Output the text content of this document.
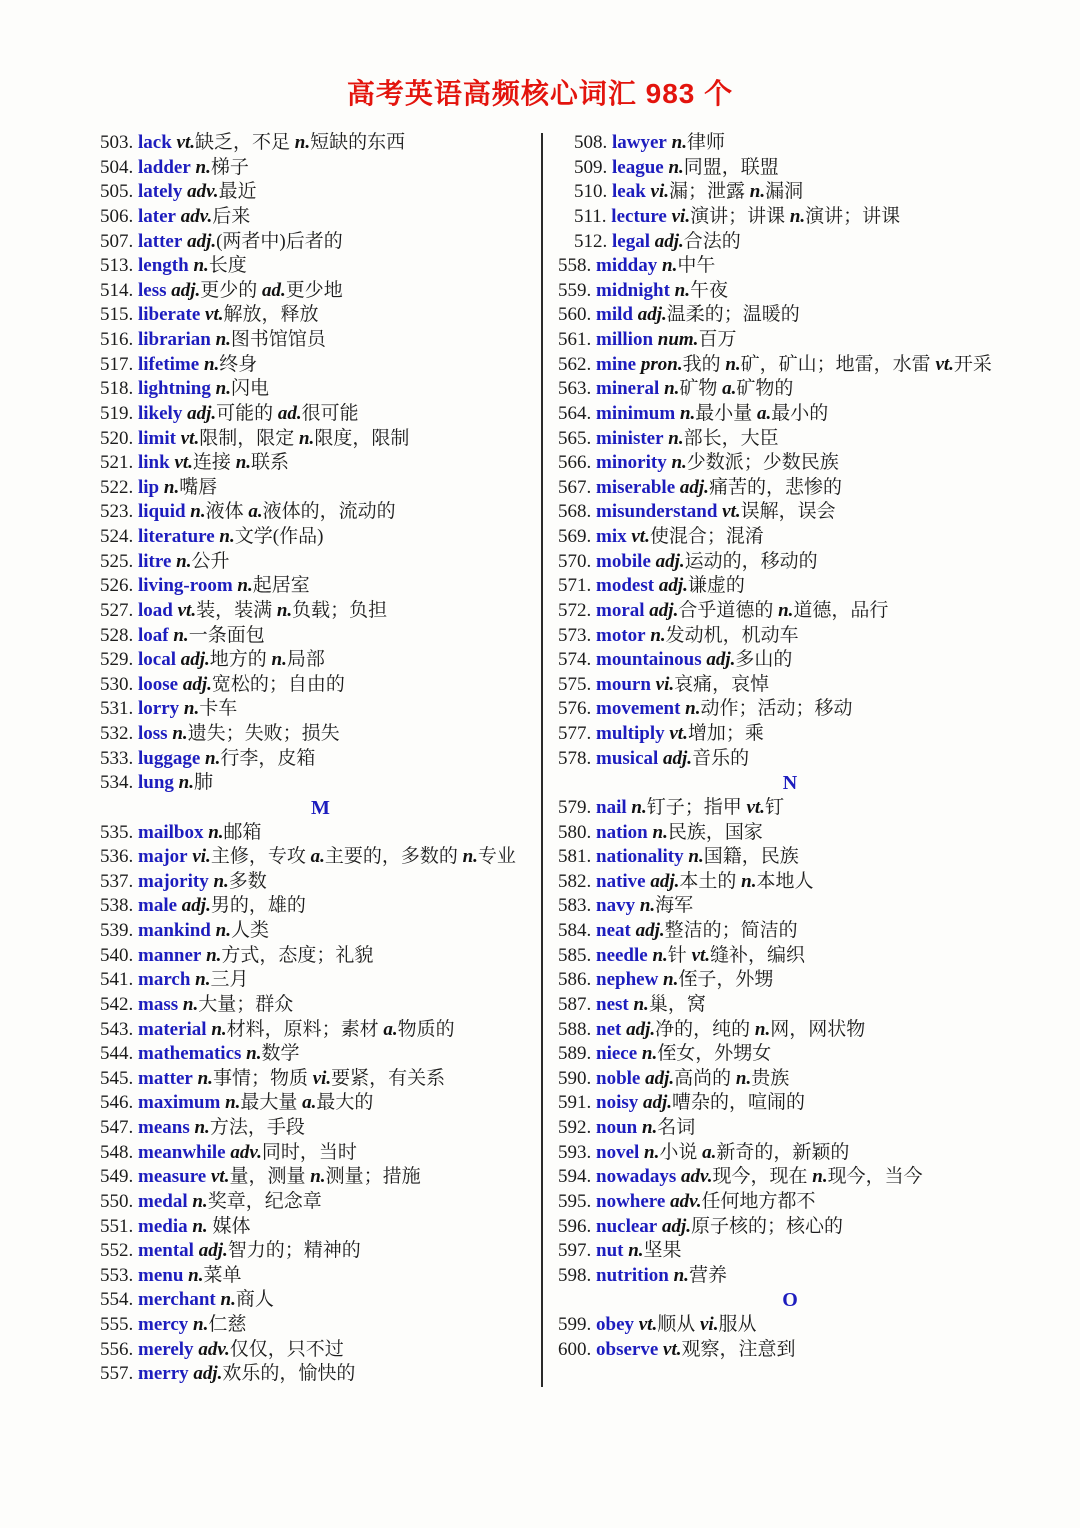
高考英语高频核心词汇 983 个
503. lack vt.缺乏，不足 n.短缺的东西
504. ladder n.梯子
505. lately adv.最近
506. later adv.后来
507. latter adj.(两者中)后者的
513. length n.长度
514. less adj.更少的 ad.更少地
515. liberate vt.解放，释放
516. librarian n.图书馆馆员
517. lifetime n.终身
518. lightning n.闪电
519. likely adj.可能的 ad.很可能
520. limit vt.限制，限定 n.限度，限制
521. link vt.连接 n.联系
522. lip n.嘴唇
523. liquid n.液体 a.液体的，流动的
524. literature n.文学(作品)
525. litre n.公升
526. living-room n.起居室
527. load vt.装，装满 n.负载；负担
528. loaf n.一条面包
529. local adj.地方的 n.局部
530. loose adj.宽松的；自由的
531. lorry n.卡车
532. loss n.遗失；失败；损失
533. luggage n.行李，皮箱
534. lung n.肺
M
535. mailbox n.邮箱
536. major vi.主修，专攻 a.主要的，多数的 n.专业
537. majority n.多数
538. male adj.男的，雄的
539. mankind n.人类
540. manner n.方式，态度；礼貌
541. march n.三月
542. mass n.大量；群众
543. material n.材料，原料；素材 a.物质的
544. mathematics n.数学
545. matter n.事情；物质 vi.要紧，有关系
546. maximum n.最大量 a.最大的
547. means n.方法，手段
548. meanwhile adv.同时，当时
549. measure vt.量，测量 n.测量；措施
550. medal n.奖章，纪念章
551. media n. 媒体
552. mental adj.智力的；精神的
553. menu n.菜单
554. merchant n.商人
555. mercy n.仁慈
556. merely adv.仅仅，只不过
557. merry adj.欢乐的，愉快的
508. lawyer n.律师
509. league n.同盟，联盟
510. leak vi.漏；泄露 n.漏洞
511. lecture vi.演讲；讲课 n.演讲；讲课
512. legal adj.合法的
558. midday n.中午
559. midnight n.午夜
560. mild adj.温柔的；温暖的
561. million num.百万
562. mine pron.我的 n.矿，矿山；地雷，水雷 vt.开采
563. mineral n.矿物 a.矿物的
564. minimum n.最小量 a.最小的
565. minister n.部长，大臣
566. minority n.少数派；少数民族
567. miserable adj.痛苦的，悲惨的
568. misunderstand vt.误解，误会
569. mix vt.使混合；混淆
570. mobile adj.运动的，移动的
571. modest adj.谦虚的
572. moral adj.合乎道德的 n.道德，品行
573. motor n.发动机，机动车
574. mountainous adj.多山的
575. mourn vi.哀痛，哀悼
576. movement n.动作；活动；移动
577. multiply vt.增加；乘
578. musical adj.音乐的
N
579. nail n.钉子；指甲 vt.钉
580. nation n.民族，国家
581. nationality n.国籍，民族
582. native adj.本土的 n.本地人
583. navy n.海军
584. neat adj.整洁的；简洁的
585. needle n.针 vt.缝补，编织
586. nephew n.侄子，外甥
587. nest n.巢，窝
588. net adj.净的，纯的 n.网，网状物
589. niece n.侄女，外甥女
590. noble adj.高尚的 n.贵族
591. noisy adj.嘈杂的，喧闹的
592. noun n.名词
593. novel n.小说 a.新奇的，新颖的
594. nowadays adv.现今，现在 n.现今，当今
595. nowhere adv.任何地方都不
596. nuclear adj.原子核的；核心的
597. nut n.坚果
598. nutrition n.营养
O
599. obey vt.顺从 vi.服从
600. observe vt.观察，注意到
